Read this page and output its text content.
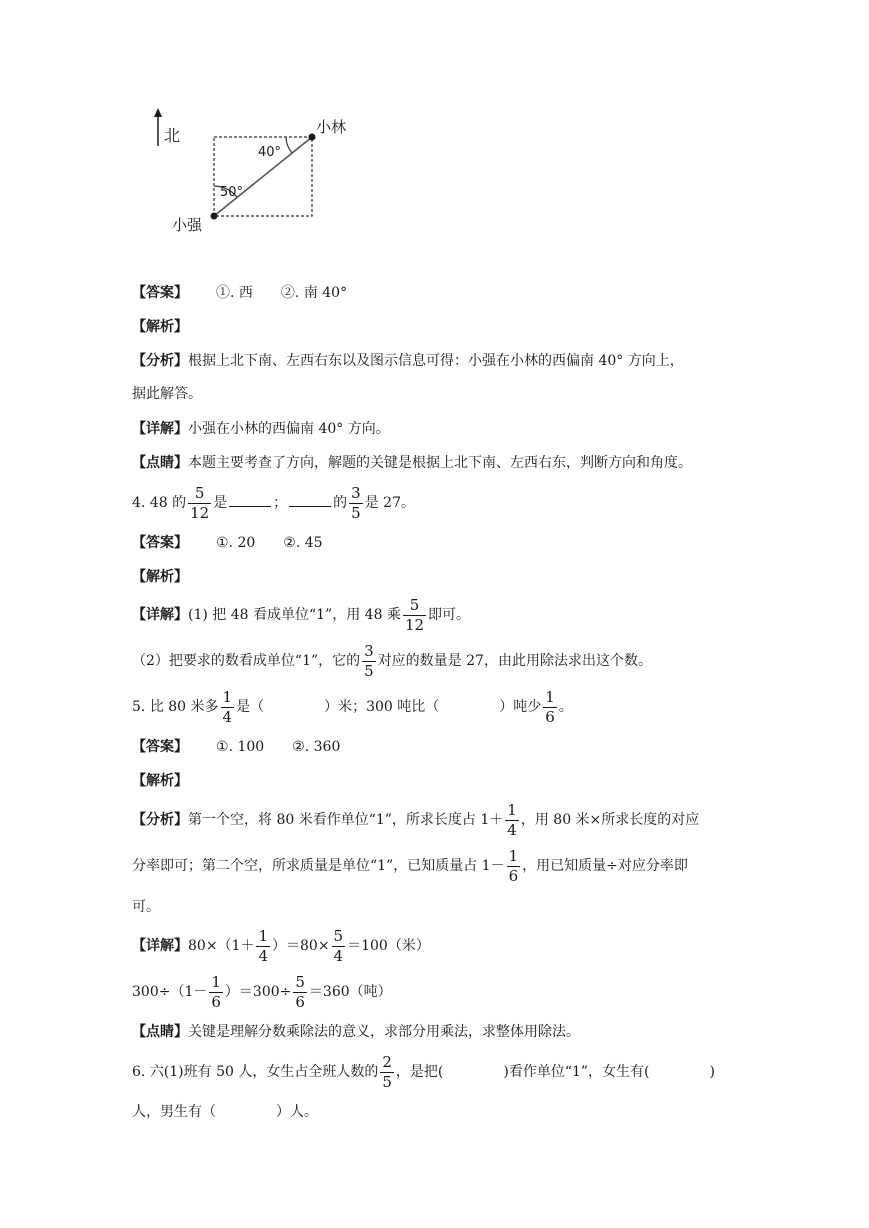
北	小林
小强
40°
50°
【答案】 ①. 西 ②. 南 40°
【解析】
【分析】根据上北下南、左西右东以及图示信息可得：小强在小林的西偏南 40° 方向上，
据此解答。
【详解】小强在小林的西偏南 40° 方向。
【点睛】本题主要考查了方向，解题的关键是根据上北下南、左西右东，判断方向和角度。
4. 48 的 $\frac{5}{12}$ 是	；	的 $\frac{3}{5}$ 是 27。
【答案】 ①. 20 ②. 45
【解析】
【详解】(1) 把 48 看成单位“1”，用 48 乘 $\frac{5}{12}$ 即可。
（2）把要求的数看成单位“1”，它的 $\frac{3}{5}$ 对应的数量是 27，由此用除法求出这个数。
5. 比 80 米多 $\frac{1}{4}$ 是（	）米；300 吨比（	）吨少 $\frac{1}{6}$ 。
【答案】 ①. 100 ②. 360
【解析】
【分析】第一个空，将 80 米看作单位“1”，所求长度占 $1+ \frac{1}{4}$ ，用 80 米×所求长度的对应
分率即可；第二个空，所求质量是单位“1”，已知质量占 $1- \frac{1}{6}$ ，用已知质量÷对应分率即
可。
【详解】$80\times(1+ \frac{1}{4} )=80\times \frac{5}{4} =100$（米）
$300\div(1- \frac{1}{6} )=300\div \frac{5}{6} =360$（吨）
【点睛】关键是理解分数乘除法的意义，求部分用乘法，求整体用除法。
6. 六(1)班有 50 人，女生占全班人数的 $\frac{2}{5}$ ，是把(	)看作单位“1”，女生有(	)
人，男生有（	）人。
